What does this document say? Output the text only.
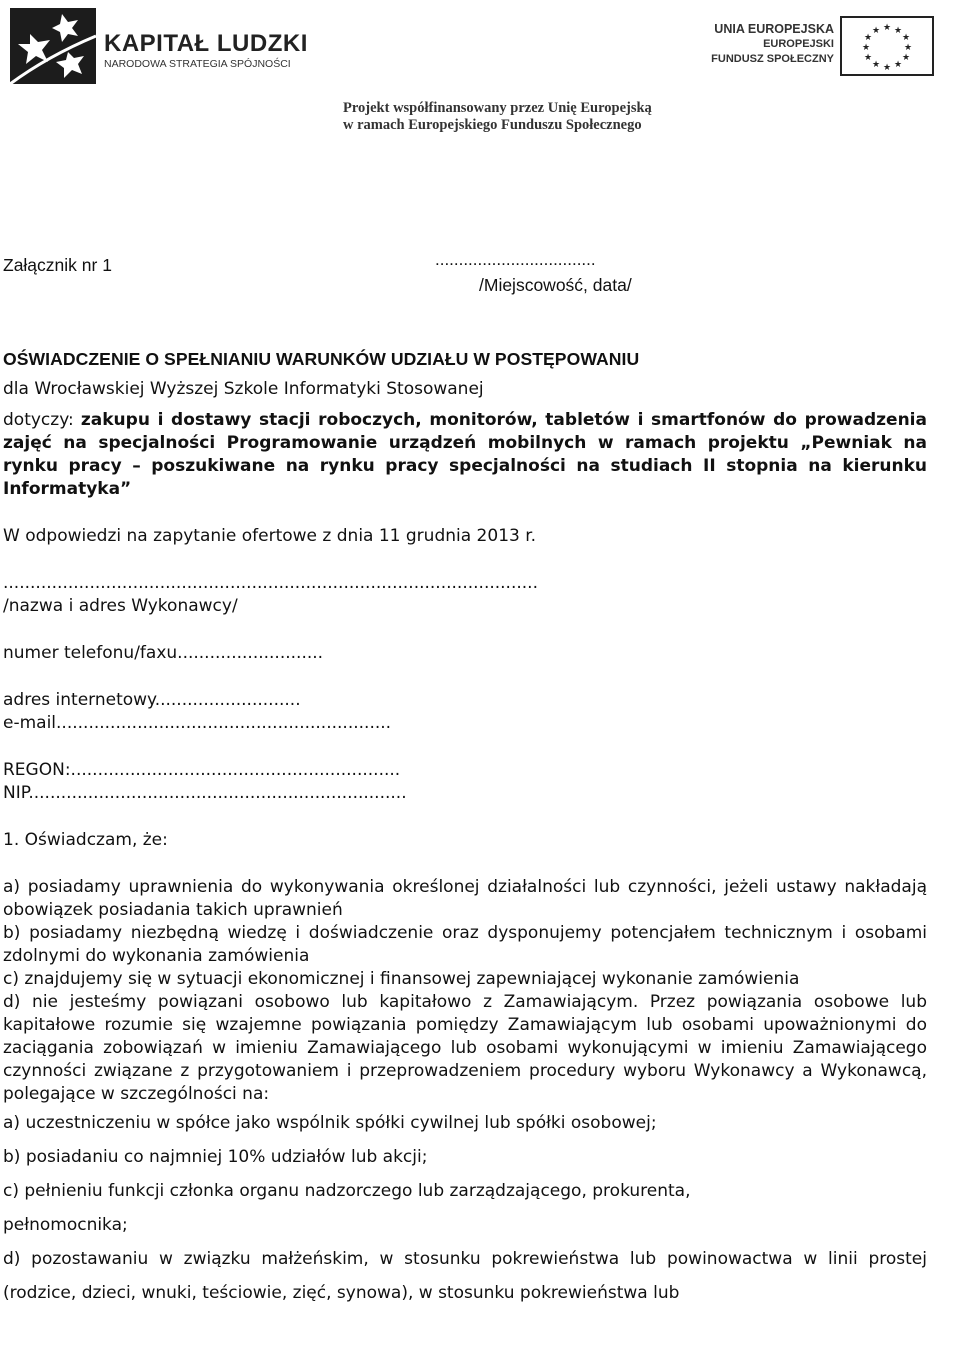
KAPITAŁ LUDZKI
NARODOWA STRATEGIA SPÓJNOŚCI
UNIA EUROPEJSKA
EUROPEJSKI
FUNDUSZ SPOŁECZNY
★ ★
★
★
★
★
★
★
★
★
★
★
Projekt współfinansowany przez Unię Europejską
w ramach Europejskiego Funduszu Społecznego
Załącznik nr 1	..................................
/Miejscowość, data/
OŚWIADCZENIE O SPEŁNIANIU WARUNKÓW UDZIAŁU W POSTĘPOWANIU
dla Wrocławskiej Wyższej Szkole Informatyki Stosowanej
dotyczy: zakupu i dostawy stacji roboczych, monitorów, tabletów i smartfonów do prowadzenia zajęć na specjalności Programowanie urządzeń mobilnych w ramach projektu „Pewniak na rynku pracy – poszukiwane na rynku pracy specjalności na studiach II stopnia na kierunku Informatyka”
W odpowiedzi na zapytanie ofertowe z dnia 11 grudnia 2013 r.
...................................................................................................
/nazwa i adres Wykonawcy/
numer telefonu/faxu...........................
adres internetowy...........................
e-mail..............................................................
REGON:.............................................................
NIP......................................................................
1. Oświadczam, że:
a) posiadamy uprawnienia do wykonywania określonej działalności lub czynności, jeżeli ustawy nakładają obowiązek posiadania takich uprawnień
b) posiadamy niezbędną wiedzę i doświadczenie oraz dysponujemy potencjałem technicznym i osobami zdolnymi do wykonania zamówienia
c) znajdujemy się w sytuacji ekonomicznej i finansowej zapewniającej wykonanie zamówienia
d) nie jesteśmy powiązani osobowo lub kapitałowo z Zamawiającym. Przez powiązania osobowe lub kapitałowe rozumie się wzajemne powiązania pomiędzy Zamawiającym lub osobami upoważnionymi do zaciągania zobowiązań w imieniu Zamawiającego lub osobami wykonującymi w imieniu Zamawiającego czynności związane z przygotowaniem i przeprowadzeniem procedury wyboru Wykonawcy a Wykonawcą, polegające w szczególności na:
a) uczestniczeniu w spółce jako wspólnik spółki cywilnej lub spółki osobowej;
b) posiadaniu co najmniej 10% udziałów lub akcji;
c) pełnieniu funkcji członka organu nadzorczego lub zarządzającego, prokurenta, pełnomocnika;
d) pozostawaniu w związku małżeńskim, w stosunku pokrewieństwa lub powinowactwa w linii prostej (rodzice, dzieci, wnuki, teściowie, zięć, synowa), w stosunku pokrewieństwa lub
